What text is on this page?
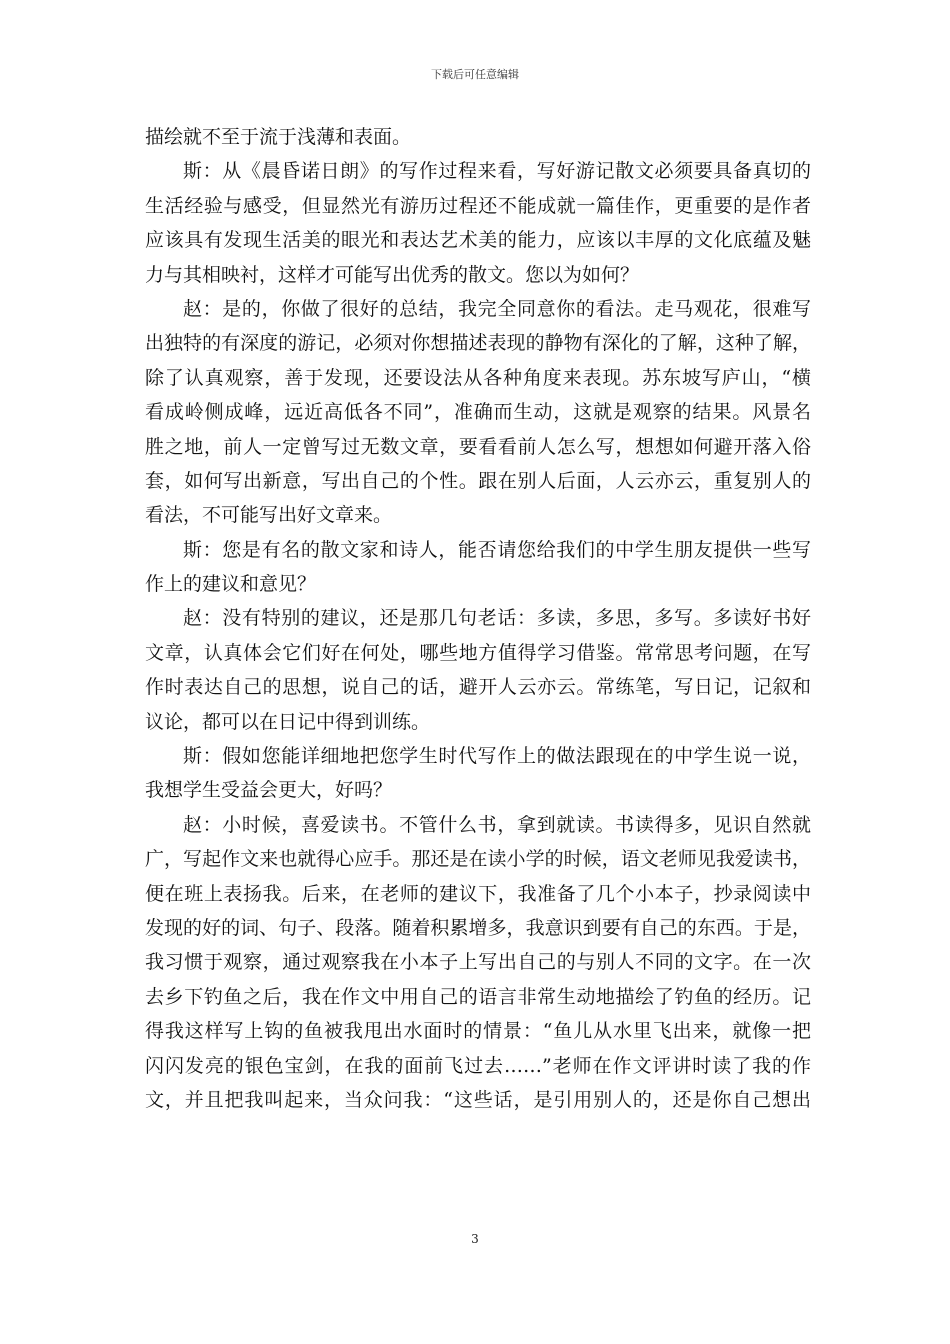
下载后可任意编辑
描绘就不至于流于浅薄和表面。
斯：从《晨昏诺日朗》的写作过程来看，写好游记散文必须要具备真切的
生活经验与感受，但显然光有游历过程还不能成就一篇佳作，更重要的是作者
应该具有发现生活美的眼光和表达艺术美的能力，应该以丰厚的文化底蕴及魅
力与其相映衬，这样才可能写出优秀的散文。您以为如何？
赵：是的，你做了很好的总结，我完全同意你的看法。走马观花，很难写
出独特的有深度的游记，必须对你想描述表现的静物有深化的了解，这种了解，
除了认真观察，善于发现，还要设法从各种角度来表现。苏东坡写庐山，“横
看成岭侧成峰，远近高低各不同”，准确而生动，这就是观察的结果。风景名
胜之地，前人一定曾写过无数文章，要看看前人怎么写，想想如何避开落入俗
套，如何写出新意，写出自己的个性。跟在别人后面，人云亦云，重复别人的
看法，不可能写出好文章来。
斯：您是有名的散文家和诗人，能否请您给我们的中学生朋友提供一些写
作上的建议和意见？
赵：没有特别的建议，还是那几句老话：多读，多思，多写。多读好书好
文章，认真体会它们好在何处，哪些地方值得学习借鉴。常常思考问题，在写
作时表达自己的思想，说自己的话，避开人云亦云。常练笔，写日记，记叙和
议论，都可以在日记中得到训练。
斯：假如您能详细地把您学生时代写作上的做法跟现在的中学生说一说，
我想学生受益会更大，好吗？
赵：小时候，喜爱读书。不管什么书，拿到就读。书读得多，见识自然就
广，写起作文来也就得心应手。那还是在读小学的时候，语文老师见我爱读书，
便在班上表扬我。后来，在老师的建议下，我准备了几个小本子，抄录阅读中
发现的好的词、句子、段落。随着积累增多，我意识到要有自己的东西。于是，
我习惯于观察，通过观察我在小本子上写出自己的与别人不同的文字。在一次
去乡下钓鱼之后，我在作文中用自己的语言非常生动地描绘了钓鱼的经历。记
得我这样写上钩的鱼被我甩出水面时的情景：“鱼儿从水里飞出来，就像一把
闪闪发亮的银色宝剑，在我的面前飞过去……”老师在作文评讲时读了我的作
文，并且把我叫起来，当众问我：“这些话，是引用别人的，还是你自己想出
3
